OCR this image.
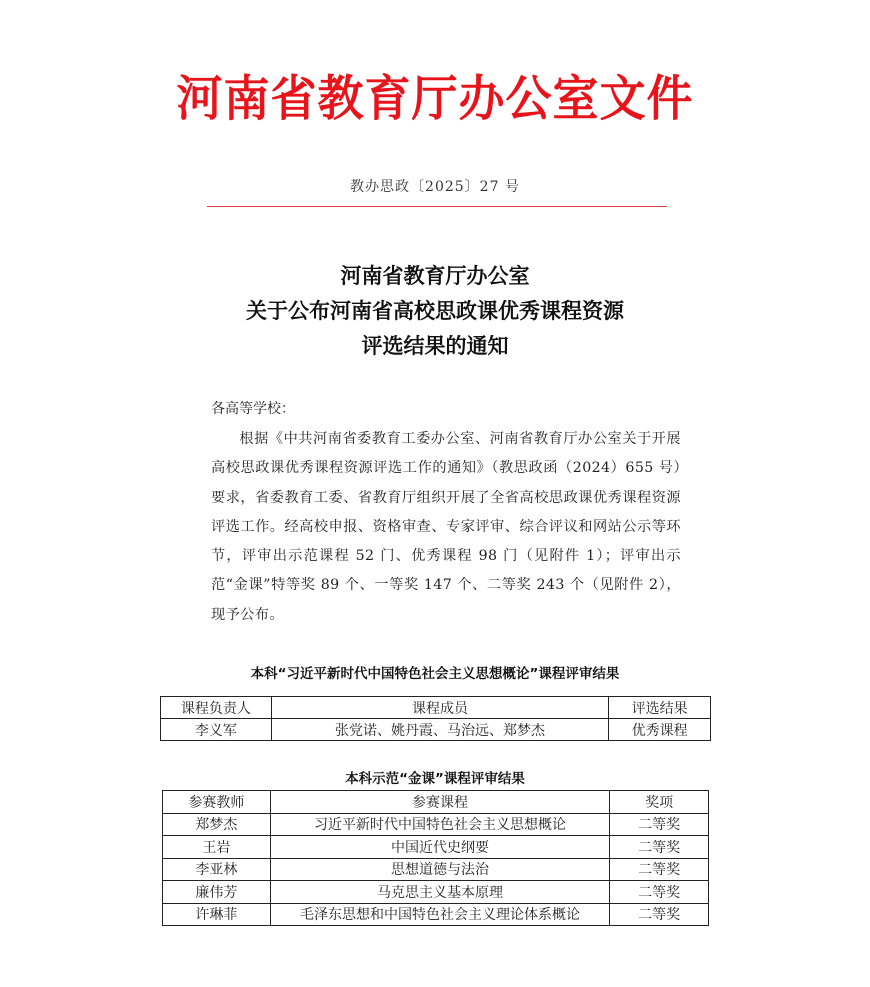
河南省教育厅办公室文件
教办思政〔2025〕27 号
河南省教育厅办公室
关于公布河南省高校思政课优秀课程资源
评选结果的通知
各高等学校：
根据《中共河南省委教育工委办公室、河南省教育厅办公室关于开展高校思政课优秀课程资源评选工作的通知》（教思政函（2024）655 号）要求，省委教育工委、省教育厅组织开展了全省高校思政课优秀课程资源评选工作。经高校申报、资格审查、专家评审、综合评议和网站公示等环节，评审出示范课程 52 门、优秀课程 98 门（见附件 1）；评审出示范“金课”特等奖 89 个、一等奖 147 个、二等奖 243 个（见附件 2），现予公布。
本科“习近平新时代中国特色社会主义思想概论”课程评审结果
课程负责人	课程成员	评选结果
李义军	张党诺、姚丹霞、马治远、郑梦杰	优秀课程
本科示范“金课”课程评审结果
参赛教师	参赛课程	奖项
郑梦杰	习近平新时代中国特色社会主义思想概论	二等奖
王岩	中国近代史纲要	二等奖
李亚林	思想道德与法治	二等奖
廉伟芳	马克思主义基本原理	二等奖
许琳菲	毛泽东思想和中国特色社会主义理论体系概论	二等奖
